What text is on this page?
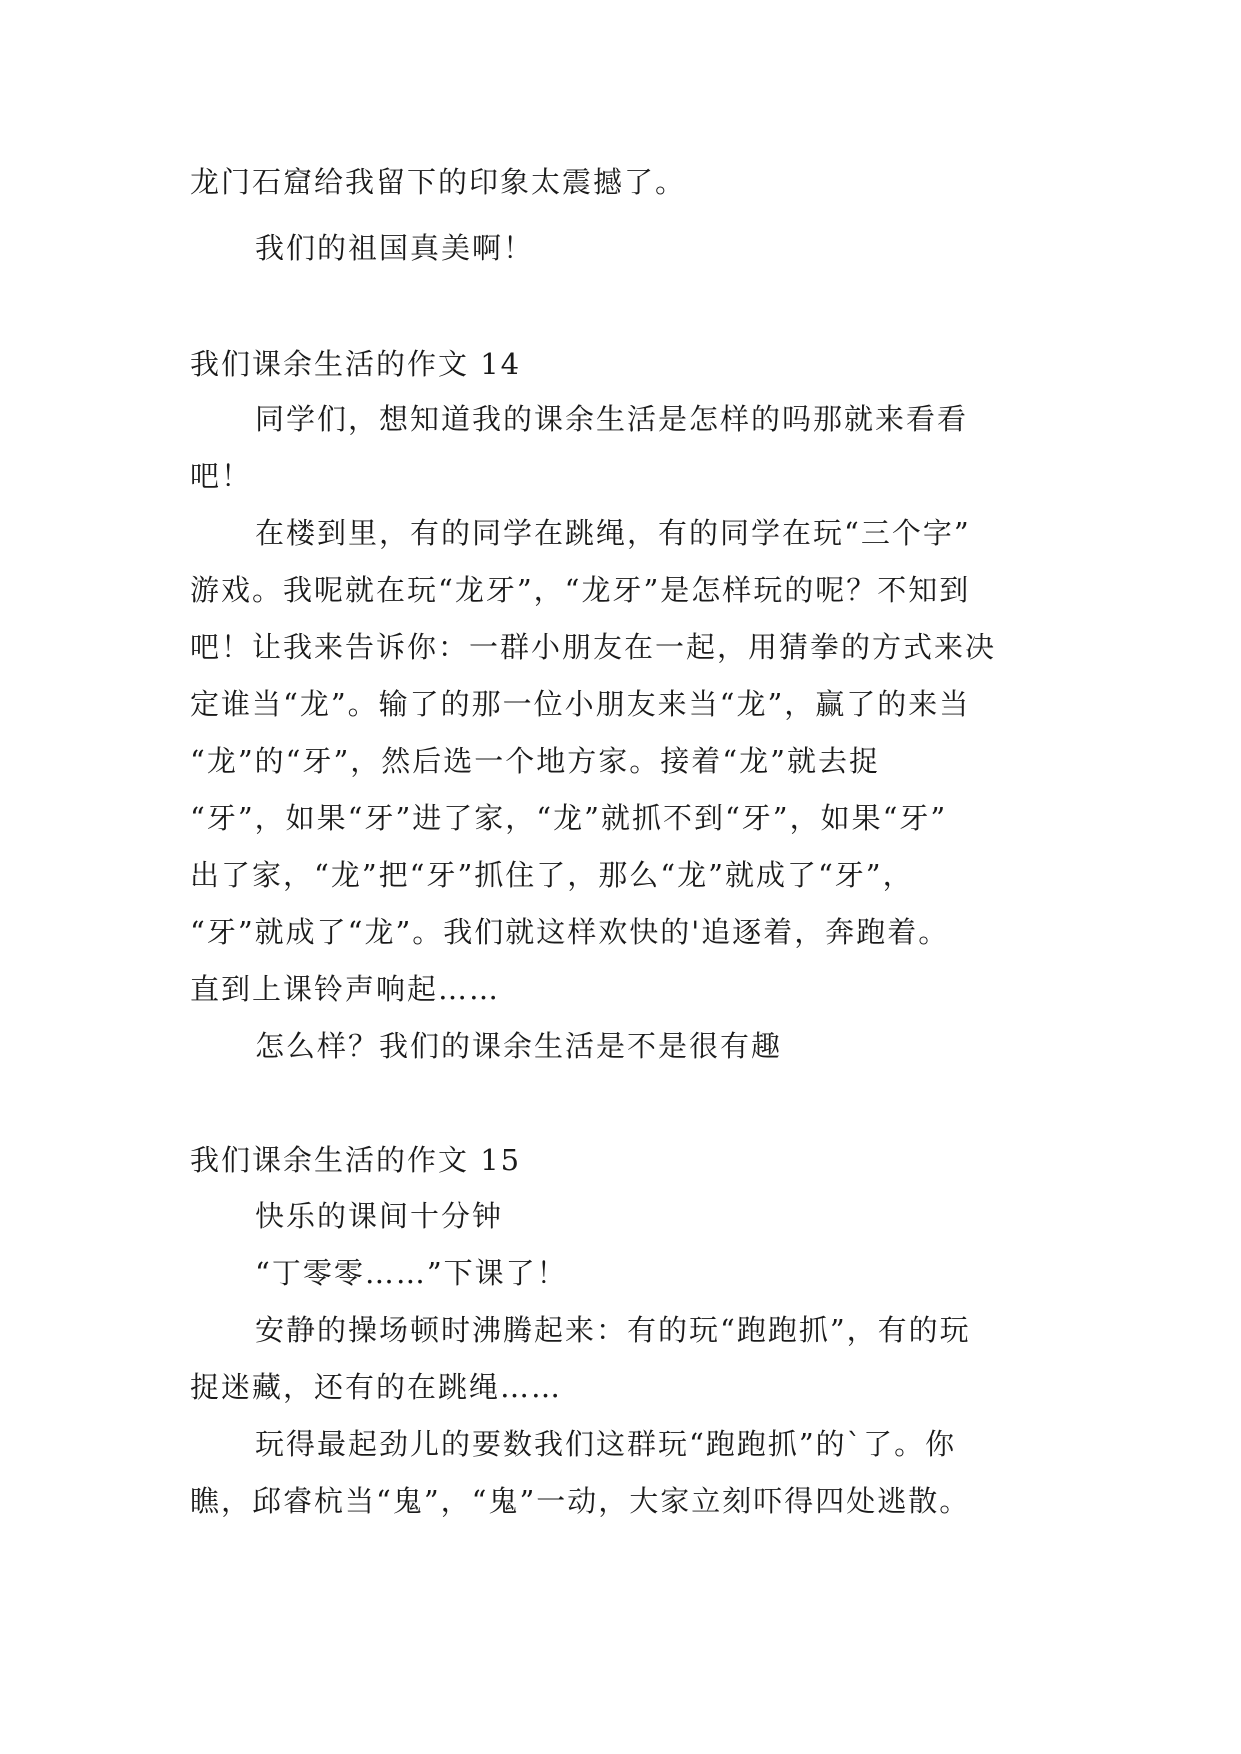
龙门石窟给我留下的印象太震撼了。
我们的祖国真美啊！
我们课余生活的作文 14
同学们，想知道我的课余生活是怎样的吗那就来看看
吧！
在楼到里，有的同学在跳绳，有的同学在玩“三个字”
游戏。我呢就在玩“龙牙”，“龙牙”是怎样玩的呢？不知到
吧！让我来告诉你：一群小朋友在一起，用猜拳的方式来决
定谁当“龙”。输了的那一位小朋友来当“龙”，赢了的来当
“龙”的“牙”，然后选一个地方家。接着“龙”就去捉
“牙”，如果“牙”进了家，“龙”就抓不到“牙”，如果“牙”
出了家，“龙”把“牙”抓住了，那么“龙”就成了“牙”，
“牙”就成了“龙”。我们就这样欢快的'追逐着，奔跑着。
直到上课铃声响起……
怎么样？我们的课余生活是不是很有趣
我们课余生活的作文 15
快乐的课间十分钟
“丁零零……”下课了！
安静的操场顿时沸腾起来：有的玩“跑跑抓”，有的玩
捉迷藏，还有的在跳绳……
玩得最起劲儿的要数我们这群玩“跑跑抓”的`了。你
瞧，邱睿杭当“鬼”，“鬼”一动，大家立刻吓得四处逃散。
